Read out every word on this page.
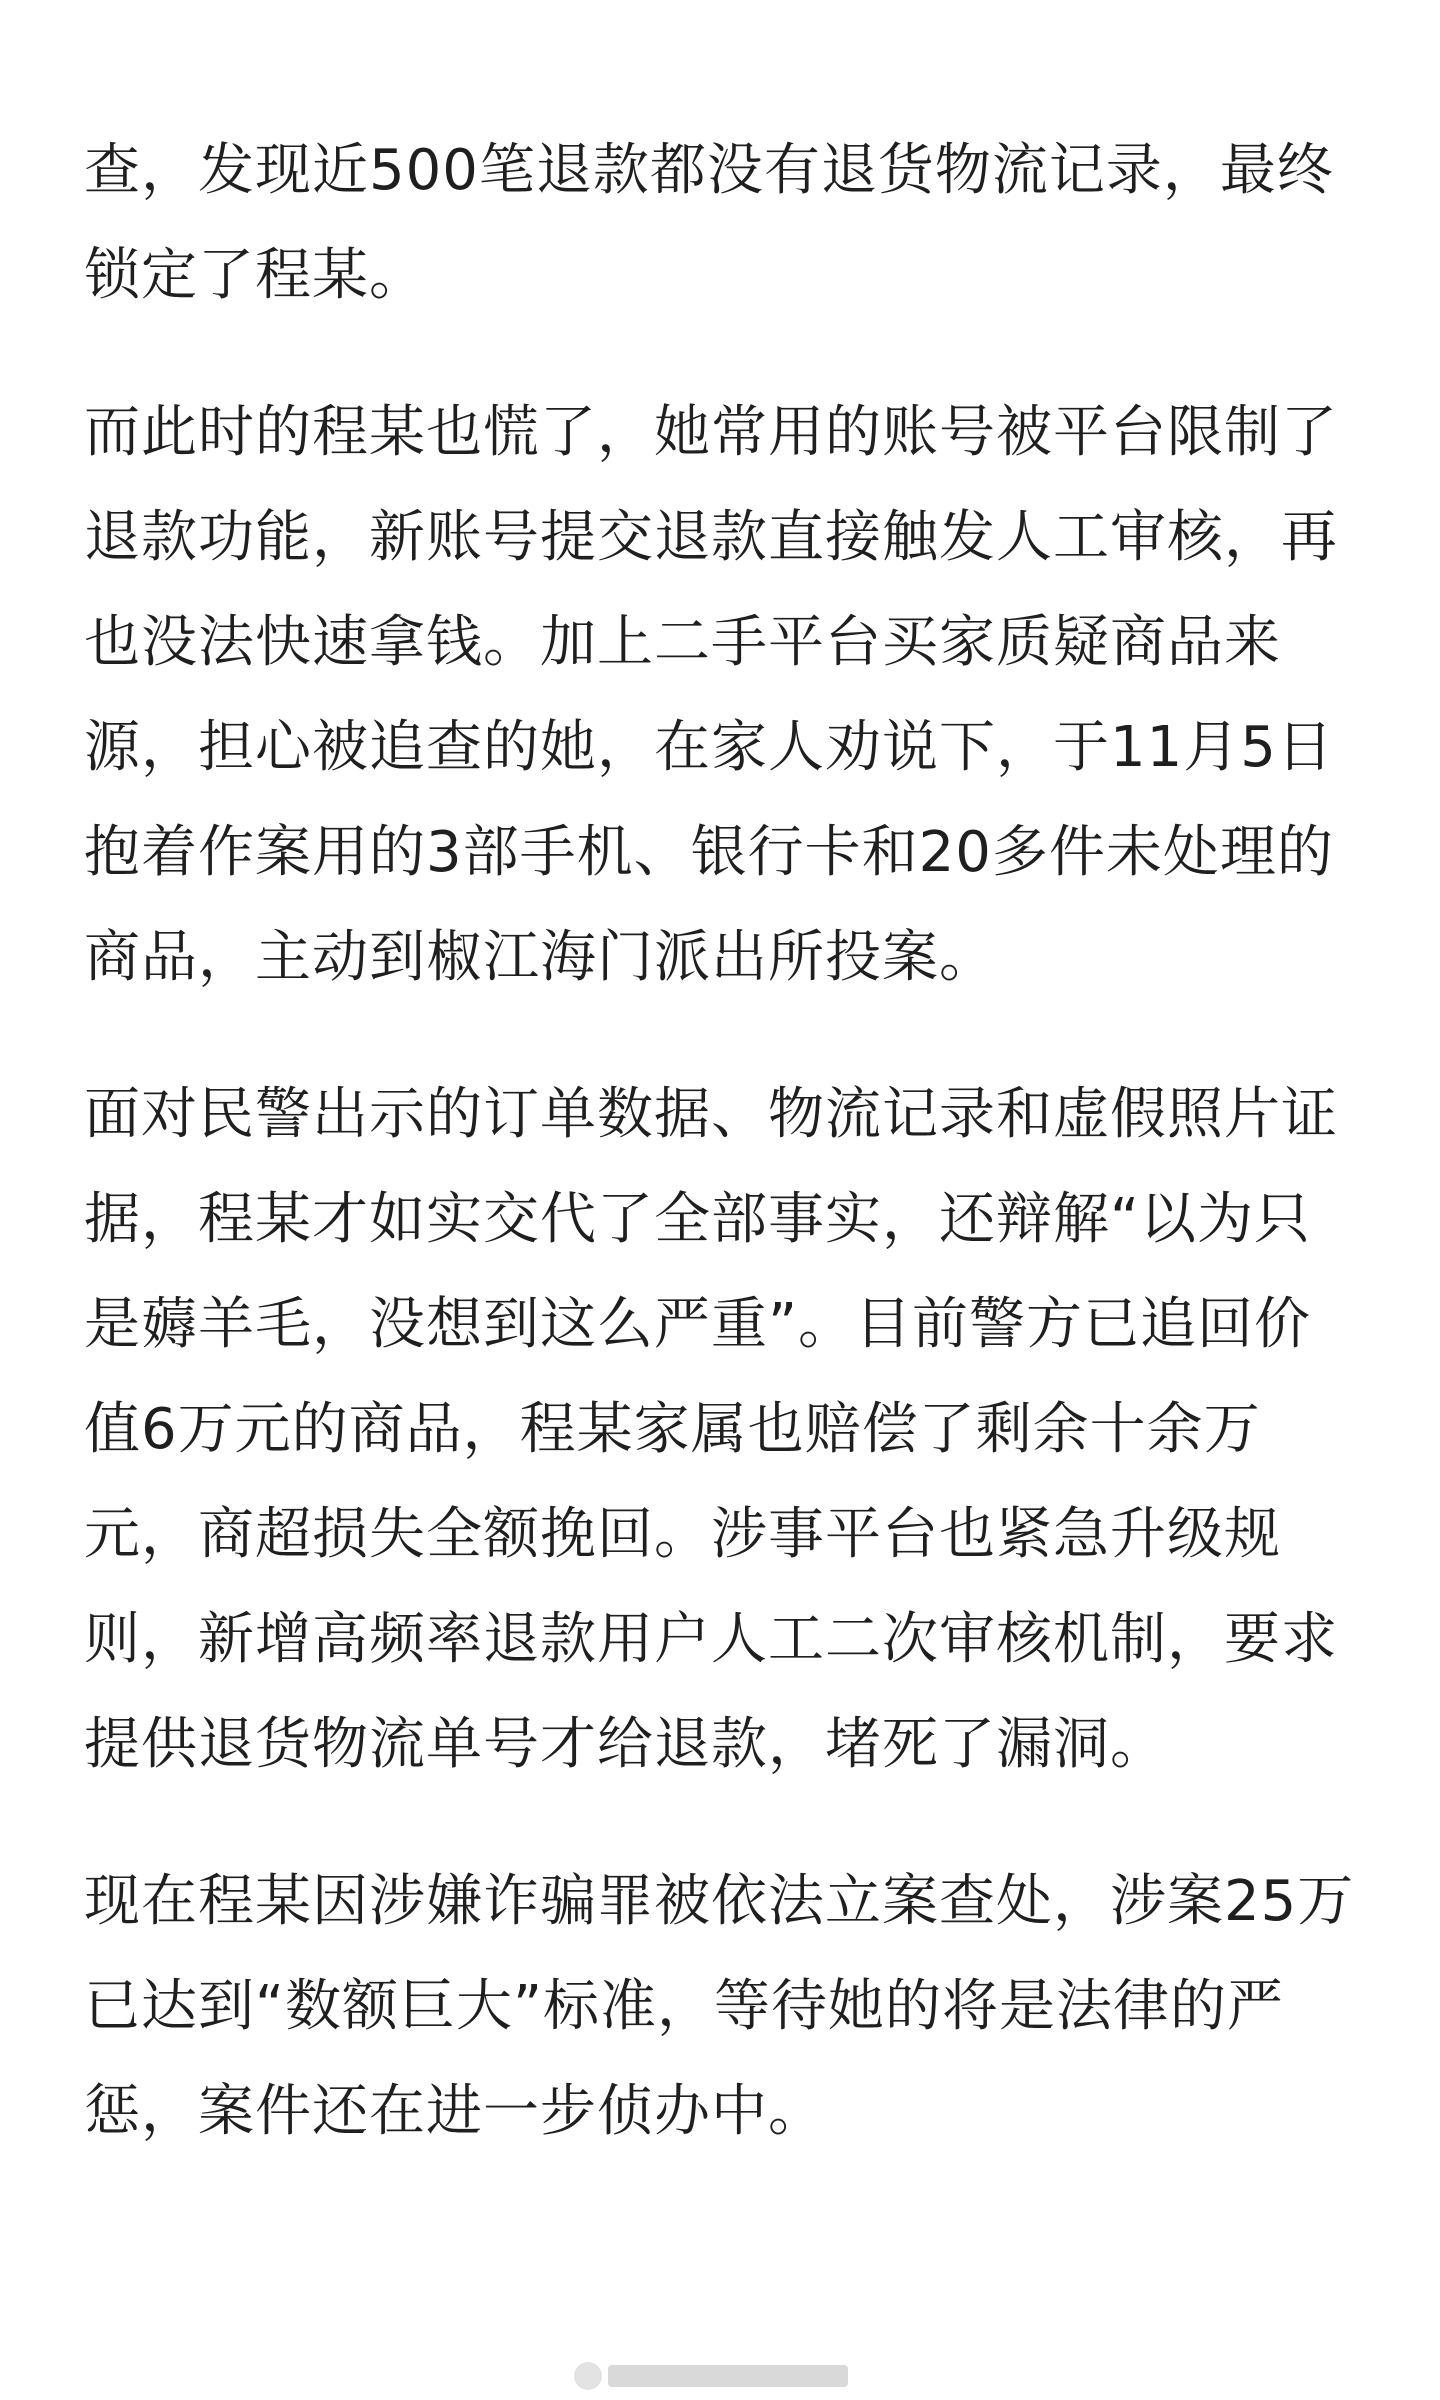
查，发现近500笔退款都没有退货物流记录，最终锁定了程某。

而此时的程某也慌了，她常用的账号被平台限制了退款功能，新账号提交退款直接触发人工审核，再也没法快速拿钱。加上二手平台买家质疑商品来源，担心被追查的她，在家人劝说下，于11月5日抱着作案用的3部手机、银行卡和20多件未处理的商品，主动到椒江海门派出所投案。

面对民警出示的订单数据、物流记录和虚假照片证据，程某才如实交代了全部事实，还辩解“以为只是薅羊毛，没想到这么严重”。目前警方已追回价值6万元的商品，程某家属也赔偿了剩余十余万元，商超损失全额挽回。涉事平台也紧急升级规则，新增高频率退款用户人工二次审核机制，要求提供退货物流单号才给退款，堵死了漏洞。

现在程某因涉嫌诈骗罪被依法立案查处，涉案25万已达到“数额巨大”标准，等待她的将是法律的严惩，案件还在进一步侦办中。
